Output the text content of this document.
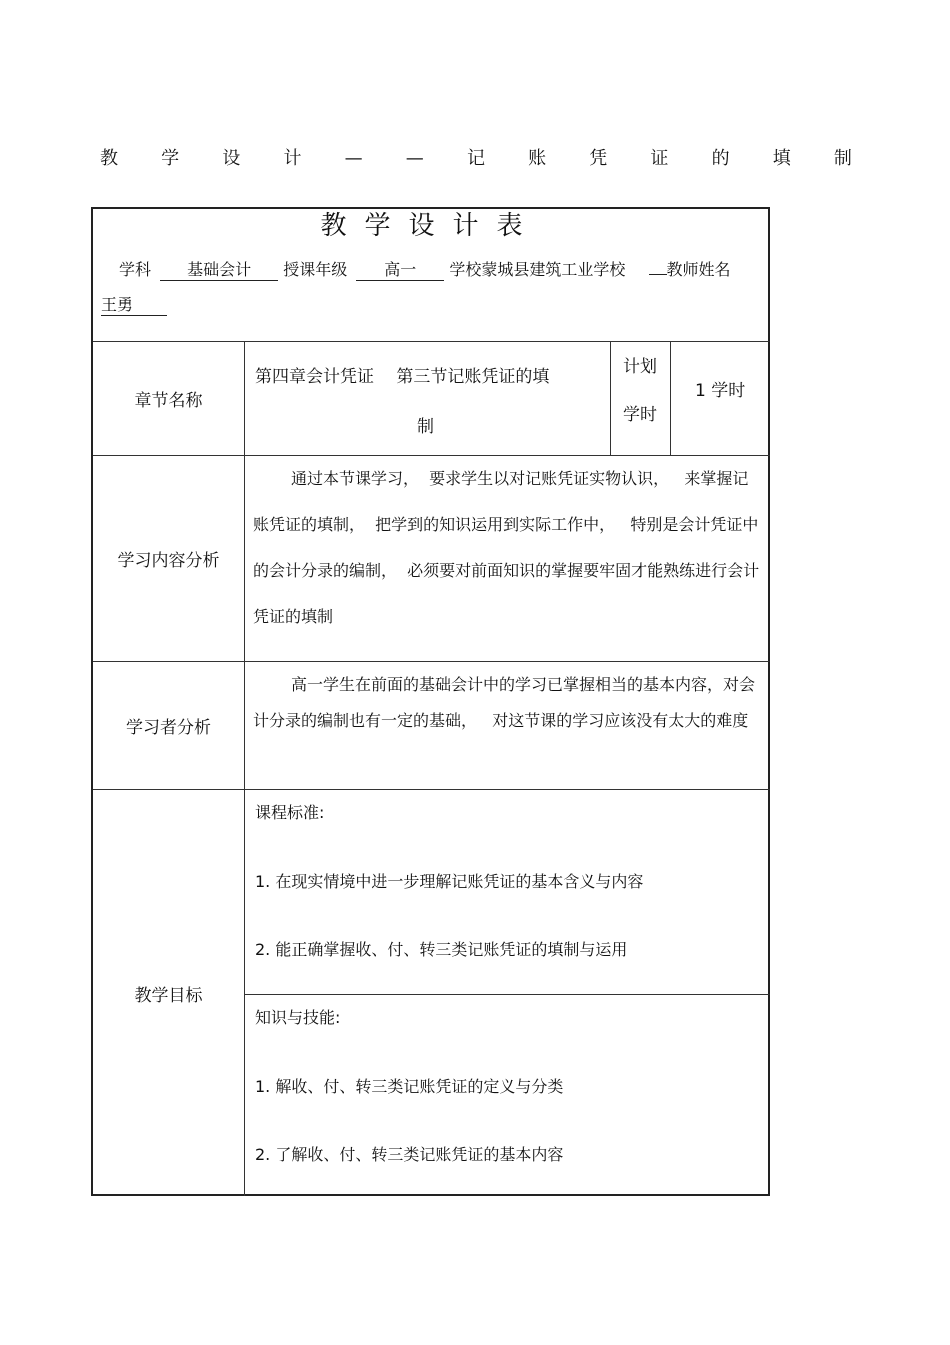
教 学 设 计 — — 记 账 凭 证 的 填 制
教学设计表
学科 基础会计 授课年级 高一 学校蒙城县建筑工业学校	教师姓名
王勇
章节名称
第四章会计凭证　 第三节记账凭证的填
制
计划
学时
1 学时
学习内容分析
通过本节课学习，  要求学生以对记账凭证实物认识，   来掌握记账凭证的填制，  把学到的知识运用到实际工作中，   特别是会计凭证中的会计分录的编制，  必须要对前面知识的掌握要牢固才能熟练进行会计凭证的填制
学习者分析
高一学生在前面的基础会计中的学习已掌握相当的基本内容，对会计分录的编制也有一定的基础，   对这节课的学习应该没有太大的难度
教学目标
课程标准:
1. 在现实情境中进一步理解记账凭证的基本含义与内容
2. 能正确掌握收、付、转三类记账凭证的填制与运用
知识与技能:
1. 解收、付、转三类记账凭证的定义与分类
2. 了解收、付、转三类记账凭证的基本内容
